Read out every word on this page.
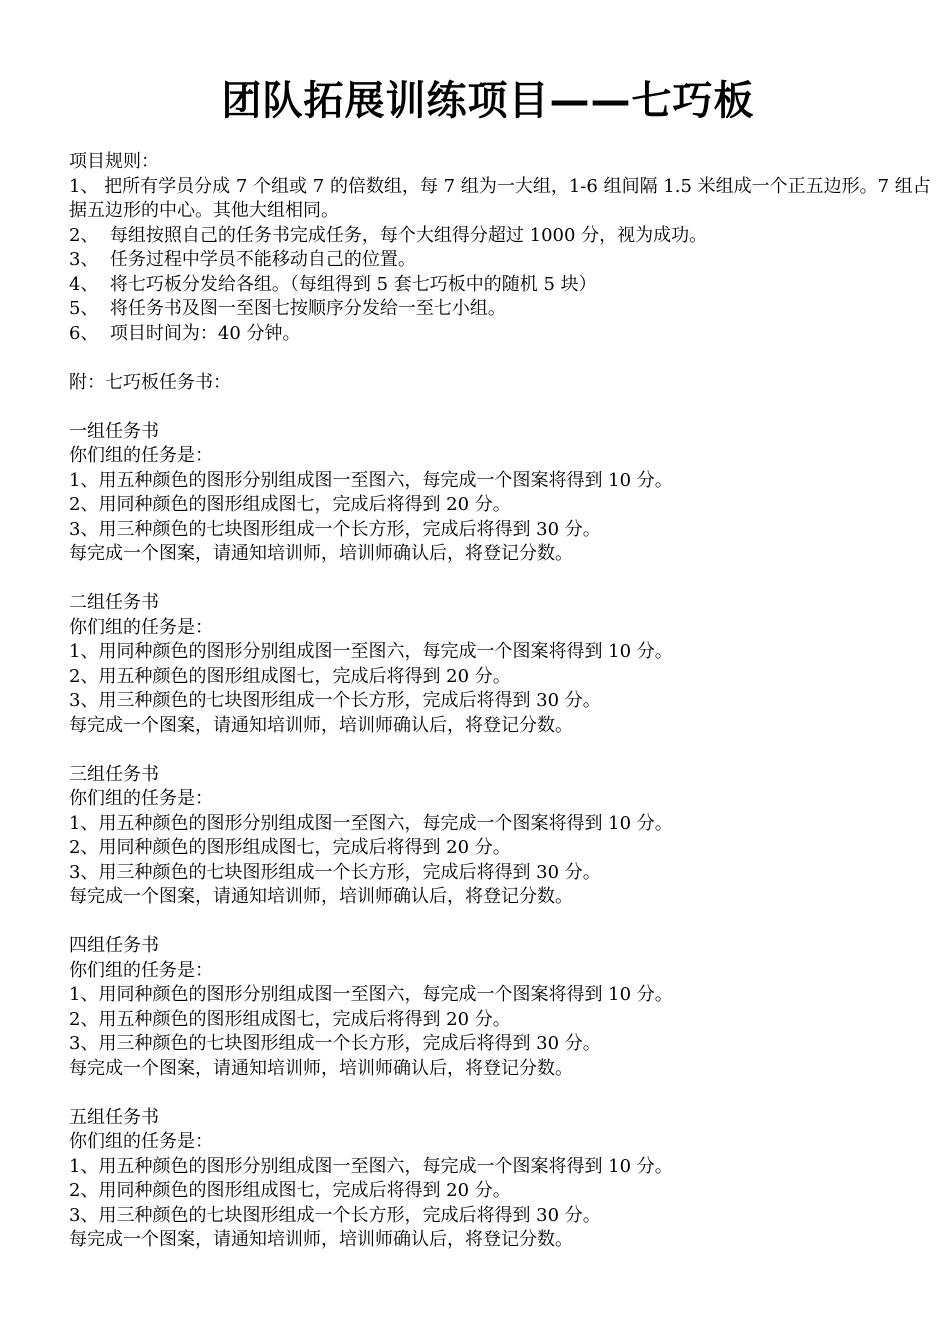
团队拓展训练项目——七巧板
项目规则：
1、 把所有学员分成 7 个组或 7 的倍数组，每 7 组为一大组，1-6 组间隔 1.5 米组成一个正五边形。7 组占据五边形的中心。其他大组相同。
2、  每组按照自己的任务书完成任务，每个大组得分超过 1000 分，视为成功。
3、  任务过程中学员不能移动自己的位置。
4、  将七巧板分发给各组。（每组得到 5 套七巧板中的随机 5 块）
5、  将任务书及图一至图七按顺序分发给一至七小组。
6、  项目时间为：40 分钟。
附：七巧板任务书：
一组任务书
你们组的任务是：
1、用五种颜色的图形分别组成图一至图六，每完成一个图案将得到 10 分。
2、用同种颜色的图形组成图七，完成后将得到 20 分。
3、用三种颜色的七块图形组成一个长方形，完成后将得到 30 分。
每完成一个图案，请通知培训师，培训师确认后，将登记分数。
二组任务书
你们组的任务是：
1、用同种颜色的图形分别组成图一至图六，每完成一个图案将得到 10 分。
2、用五种颜色的图形组成图七，完成后将得到 20 分。
3、用三种颜色的七块图形组成一个长方形，完成后将得到 30 分。
每完成一个图案，请通知培训师，培训师确认后，将登记分数。
三组任务书
你们组的任务是：
1、用五种颜色的图形分别组成图一至图六，每完成一个图案将得到 10 分。
2、用同种颜色的图形组成图七，完成后将得到 20 分。
3、用三种颜色的七块图形组成一个长方形，完成后将得到 30 分。
每完成一个图案，请通知培训师，培训师确认后，将登记分数。
四组任务书
你们组的任务是：
1、用同种颜色的图形分别组成图一至图六，每完成一个图案将得到 10 分。
2、用五种颜色的图形组成图七，完成后将得到 20 分。
3、用三种颜色的七块图形组成一个长方形，完成后将得到 30 分。
每完成一个图案，请通知培训师，培训师确认后，将登记分数。
五组任务书
你们组的任务是：
1、用五种颜色的图形分别组成图一至图六，每完成一个图案将得到 10 分。
2、用同种颜色的图形组成图七，完成后将得到 20 分。
3、用三种颜色的七块图形组成一个长方形，完成后将得到 30 分。
每完成一个图案，请通知培训师，培训师确认后，将登记分数。
